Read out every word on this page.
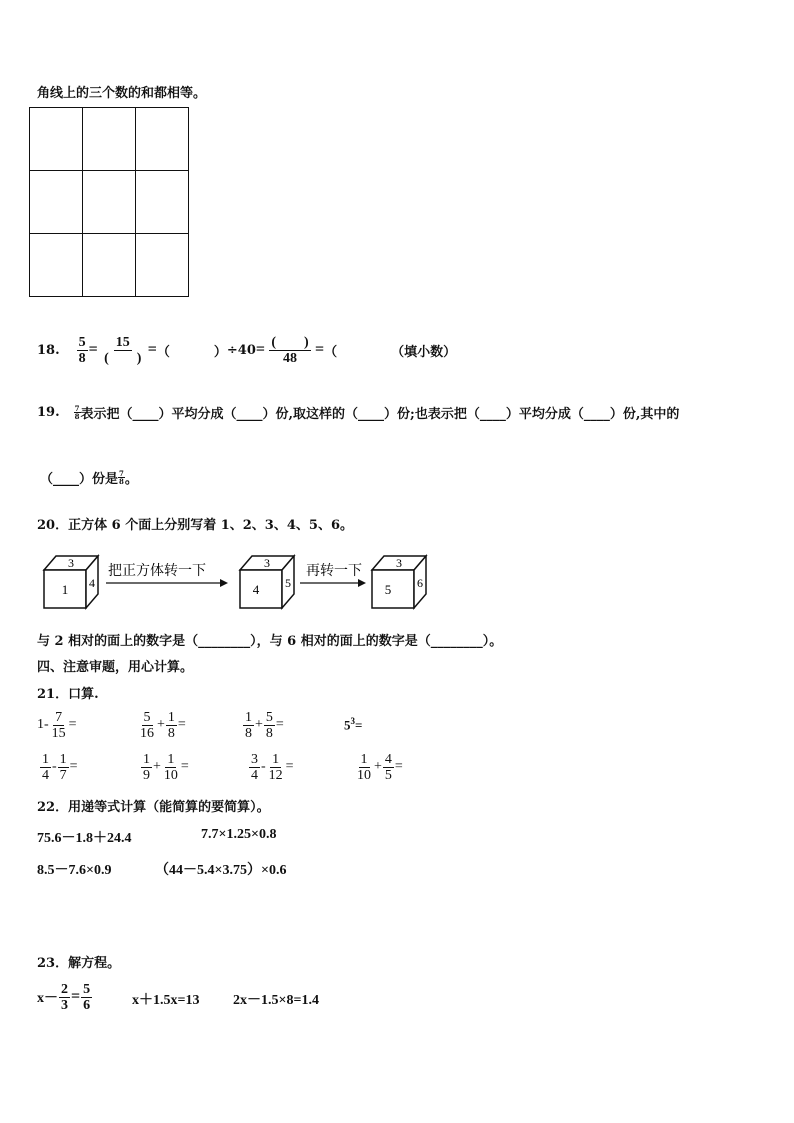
角线上的三个数的和都相等。

18. $\frac{5}{8} = \frac{15}{( )}$ = （	） $\div 40 = \frac{( )}{48}$ = （	（填小数）
19. $\frac{7}{8}$ 表示把（____）平均分成（____）份,取这样的（____）份;也表示把（____）平均分成（____）份,其中的
（____）份是 $\frac{7}{8}$ 。
20．正方体 6 个面上分别写着 1、2、3、4、5、6。
3
1 4
把正方体转一下	3
4 5
再转一下	3
5 6
与 2 相对的面上的数字是（________），与 6 相对的面上的数字是（________）。
四、注意审题，用心计算。
21．口算.
$1 - \frac{7}{15}$ =	$\frac{5}{16} + \frac{1}{8}$ =	$\frac{1}{8} + \frac{5}{8}$ =	$5^3=$
$\frac{1}{4} - \frac{1}{7}$ =	$\frac{1}{9} + \frac{1}{10}$ =	$\frac{3}{4} - \frac{1}{12}$ =	$\frac{1}{10} + \frac{4}{5}$ =
22．用递等式计算（能简算的要简算）。
75.6－1.8＋24.4	7.7×1.25×0.8
8.5－7.6×0.9	（44－5.4×3.75）×0.6
23．解方程。
$x- \frac{2}{3} = \frac{5}{6}$	x＋1.5x=13 2x－1.5×8=1.4
